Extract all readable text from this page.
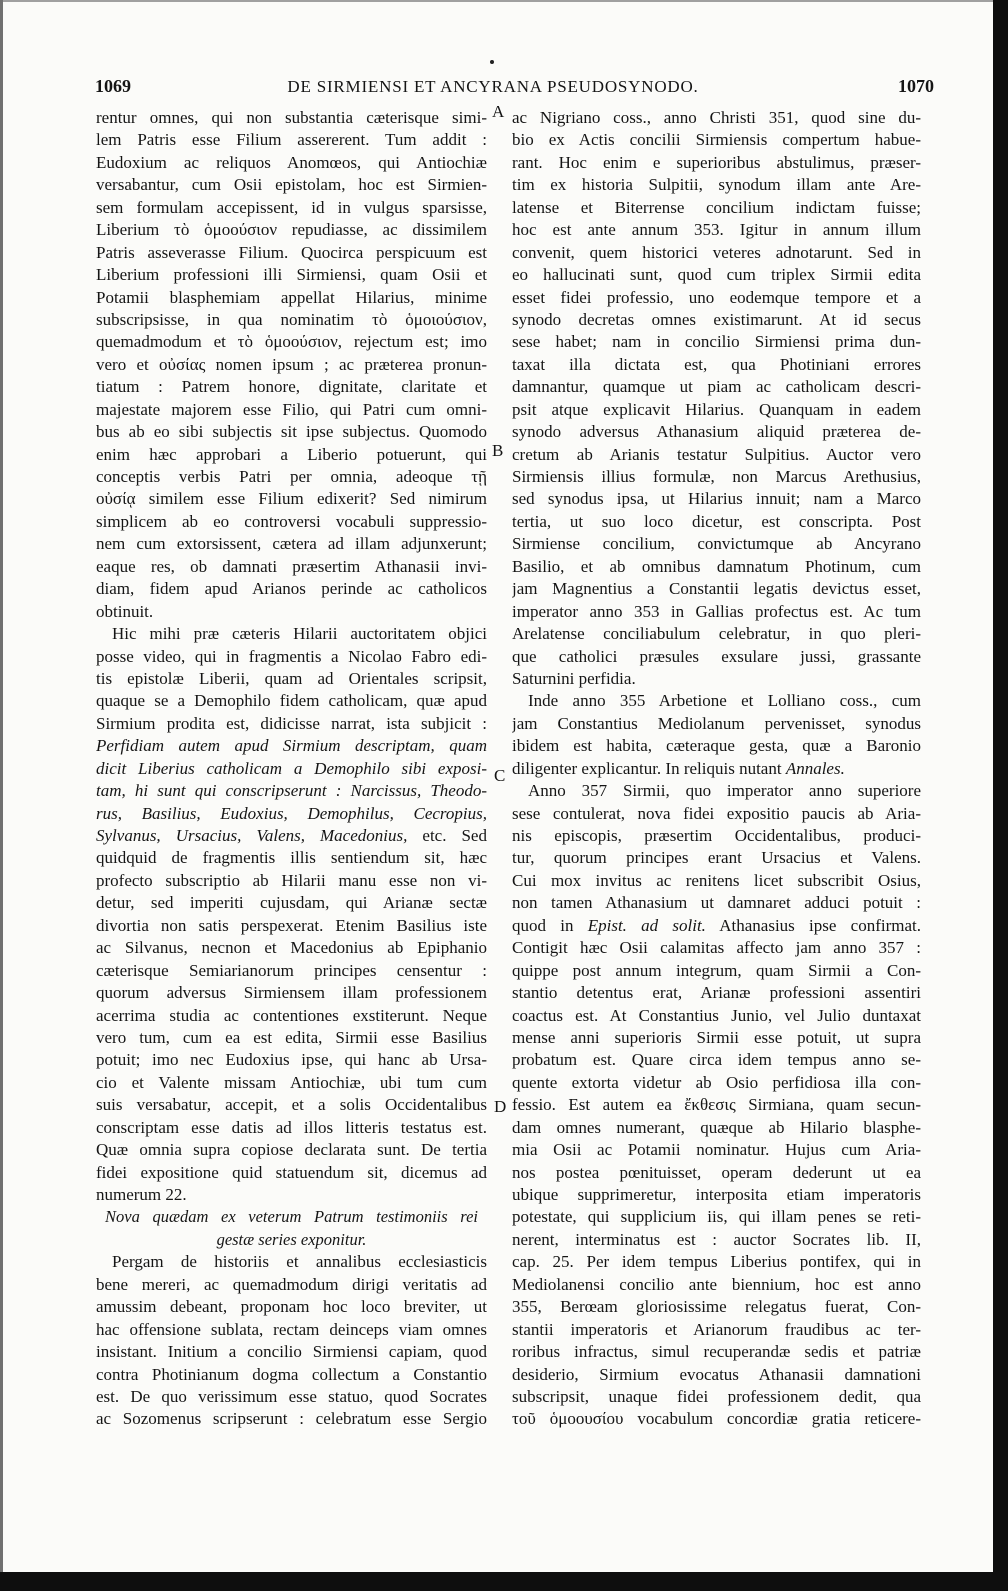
1069	DE SIRMIENSI ET ANCYRANA PSEUDOSYNODO.	1070
rentur omnes, qui non substantia cæterisque simi-
lem Patris esse Filium assererent. Tum addit :
Eudoxium ac reliquos Anomœos, qui Antiochiæ
versabantur, cum Osii epistolam, hoc est Sirmien-
sem formulam accepissent, id in vulgus sparsisse,
Liberium τὸ ὁμοούσιον repudiasse, ac dissimilem
Patris asseverasse Filium. Quocirca perspicuum est
Liberium professioni illi Sirmiensi, quam Osii et
Potamii blasphemiam appellat Hilarius, minime
subscripsisse, in qua nominatim τὸ ὁμοιούσιον,
quemadmodum et τὸ ὁμοούσιον, rejectum est; imo
vero et οὐσίας nomen ipsum ; ac præterea pronun-
tiatum : Patrem honore, dignitate, claritate et
majestate majorem esse Filio, qui Patri cum omni-
bus ab eo sibi subjectis sit ipse subjectus. Quomodo
enim hæc approbari a Liberio potuerunt, qui
conceptis verbis Patri per omnia, adeoque τῇ
οὐσίᾳ similem esse Filium edixerit? Sed nimirum
simplicem ab eo controversi vocabuli suppressio-
nem cum extorsissent, cætera ad illam adjunxerunt;
eaque res, ob damnati præsertim Athanasii invi-
diam, fidem apud Arianos perinde ac catholicos
obtinuit.
Hic mihi præ cæteris Hilarii auctoritatem objici
posse video, qui in fragmentis a Nicolao Fabro edi-
tis epistolæ Liberii, quam ad Orientales scripsit,
quaque se a Demophilo fidem catholicam, quæ apud
Sirmium prodita est, didicisse narrat, ista subjicit :
Perfidiam autem apud Sirmium descriptam, quam
dicit Liberius catholicam a Demophilo sibi exposi-
tam, hi sunt qui conscripserunt : Narcissus, Theodo-
rus, Basilius, Eudoxius, Demophilus, Cecropius,
Sylvanus, Ursacius, Valens, Macedonius, etc. Sed
quidquid de fragmentis illis sentiendum sit, hæc
profecto subscriptio ab Hilarii manu esse non vi-
detur, sed imperiti cujusdam, qui Arianæ sectæ
divortia non satis perspexerat. Etenim Basilius iste
ac Silvanus, necnon et Macedonius ab Epiphanio
cæterisque Semiarianorum principes censentur :
quorum adversus Sirmiensem illam professionem
acerrima studia ac contentiones exstiterunt. Neque
vero tum, cum ea est edita, Sirmii esse Basilius
potuit; imo nec Eudoxius ipse, qui hanc ab Ursa-
cio et Valente missam Antiochiæ, ubi tum cum
suis versabatur, accepit, et a solis Occidentalibus
conscriptam esse datis ad illos litteris testatus est.
Quæ omnia supra copiose declarata sunt. De tertia
fidei expositione quid statuendum sit, dicemus ad
numerum 22.
Nova quædam ex veterum Patrum testimoniis rei
gestæ series exponitur.
Pergam de historiis et annalibus ecclesiasticis
bene mereri, ac quemadmodum dirigi veritatis ad
amussim debeant, proponam hoc loco breviter, ut
hac offensione sublata, rectam deinceps viam omnes
insistant. Initium a concilio Sirmiensi capiam, quod
contra Photinianum dogma collectum a Constantio
est. De quo verissimum esse statuo, quod Socrates
ac Sozomenus scripserunt : celebratum esse Sergio
ac Nigriano coss., anno Christi 351, quod sine du-
bio ex Actis concilii Sirmiensis compertum habue-
rant. Hoc enim e superioribus abstulimus, præser-
tim ex historia Sulpitii, synodum illam ante Are-
latense et Biterrense concilium indictam fuisse;
hoc est ante annum 353. Igitur in annum illum
convenit, quem historici veteres adnotarunt. Sed in
eo hallucinati sunt, quod cum triplex Sirmii edita
esset fidei professio, uno eodemque tempore et a
synodo decretas omnes existimarunt. At id secus
sese habet; nam in concilio Sirmiensi prima dun-
taxat illa dictata est, qua Photiniani errores
damnantur, quamque ut piam ac catholicam descri-
psit atque explicavit Hilarius. Quanquam in eadem
synodo adversus Athanasium aliquid præterea de-
cretum ab Arianis testatur Sulpitius. Auctor vero
Sirmiensis illius formulæ, non Marcus Arethusius,
sed synodus ipsa, ut Hilarius innuit; nam a Marco
tertia, ut suo loco dicetur, est conscripta. Post
Sirmiense concilium, convictumque ab Ancyrano
Basilio, et ab omnibus damnatum Photinum, cum
jam Magnentius a Constantii legatis devictus esset,
imperator anno 353 in Gallias profectus est. Ac tum
Arelatense conciliabulum celebratur, in quo pleri-
que catholici præsules exsulare jussi, grassante
Saturnini perfidia.
Inde anno 355 Arbetione et Lolliano coss., cum
jam Constantius Mediolanum pervenisset, synodus
ibidem est habita, cæteraque gesta, quæ a Baronio
diligenter explicantur. In reliquis nutant Annales.
Anno 357 Sirmii, quo imperator anno superiore
sese contulerat, nova fidei expositio paucis ab Aria-
nis episcopis, præsertim Occidentalibus, produci-
tur, quorum principes erant Ursacius et Valens.
Cui mox invitus ac renitens licet subscribit Osius,
non tamen Athanasium ut damnaret adduci potuit :
quod in Epist. ad solit. Athanasius ipse confirmat.
Contigit hæc Osii calamitas affecto jam anno 357 :
quippe post annum integrum, quam Sirmii a Con-
stantio detentus erat, Arianæ professioni assentiri
coactus est. At Constantius Junio, vel Julio duntaxat
mense anni superioris Sirmii esse potuit, ut supra
probatum est. Quare circa idem tempus anno se-
quente extorta videtur ab Osio perfidiosa illa con-
fessio. Est autem ea ἔκθεσις Sirmiana, quam secun-
dam omnes numerant, quæque ab Hilario blasphe-
mia Osii ac Potamii nominatur. Hujus cum Aria-
nos postea pœnituisset, operam dederunt ut ea
ubique supprimeretur, interposita etiam imperatoris
potestate, qui supplicium iis, qui illam penes se reti-
nerent, interminatus est : auctor Socrates lib. II,
cap. 25. Per idem tempus Liberius pontifex, qui in
Mediolanensi concilio ante biennium, hoc est anno
355, Berœam gloriosissime relegatus fuerat, Con-
stantii imperatoris et Arianorum fraudibus ac ter-
roribus infractus, simul recuperandæ sedis et patriæ
desiderio, Sirmium evocatus Athanasii damnationi
subscripsit, unaque fidei professionem dedit, qua
τοῦ ὁμοουσίου vocabulum concordiæ gratia reticere-
A
B
C
D
